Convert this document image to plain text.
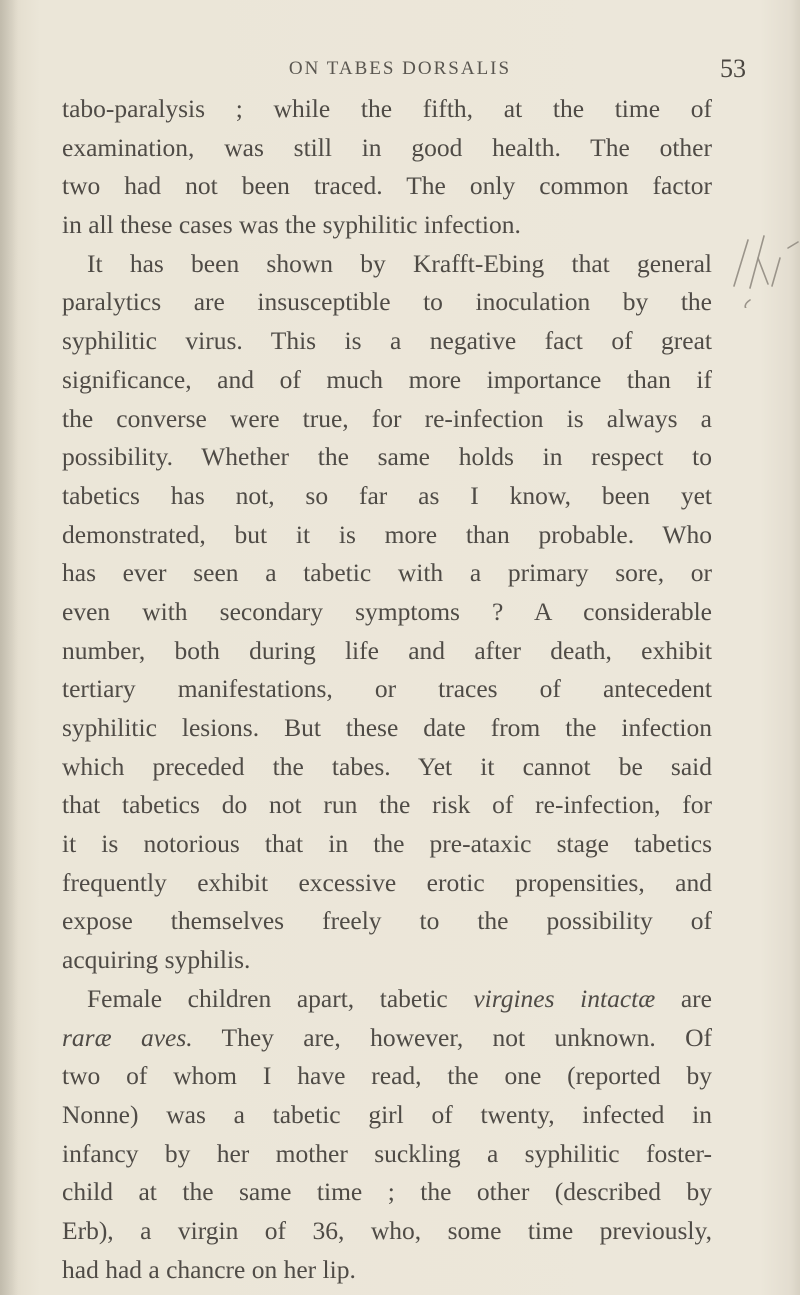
ON TABES DORSALIS	53
tabo-paralysis ; while the fifth, at the time of
examination, was still in good health. The other
two had not been traced. The only common factor
in all these cases was the syphilitic infection.
It has been shown by Krafft-Ebing that general
paralytics are insusceptible to inoculation by the
syphilitic virus. This is a negative fact of great
significance, and of much more importance than if
the converse were true, for re-infection is always a
possibility. Whether the same holds in respect to
tabetics has not, so far as I know, been yet
demonstrated, but it is more than probable. Who
has ever seen a tabetic with a primary sore, or
even with secondary symptoms ? A considerable
number, both during life and after death, exhibit
tertiary manifestations, or traces of antecedent
syphilitic lesions. But these date from the infection
which preceded the tabes. Yet it cannot be said
that tabetics do not run the risk of re-infection, for
it is notorious that in the pre-ataxic stage tabetics
frequently exhibit excessive erotic propensities, and
expose themselves freely to the possibility of
acquiring syphilis.
Female children apart, tabetic virgines intactæ are
raræ aves. They are, however, not unknown. Of
two of whom I have read, the one (reported by
Nonne) was a tabetic girl of twenty, infected in
infancy by her mother suckling a syphilitic foster-
child at the same time ; the other (described by
Erb), a virgin of 36, who, some time previously,
had had a chancre on her lip.
